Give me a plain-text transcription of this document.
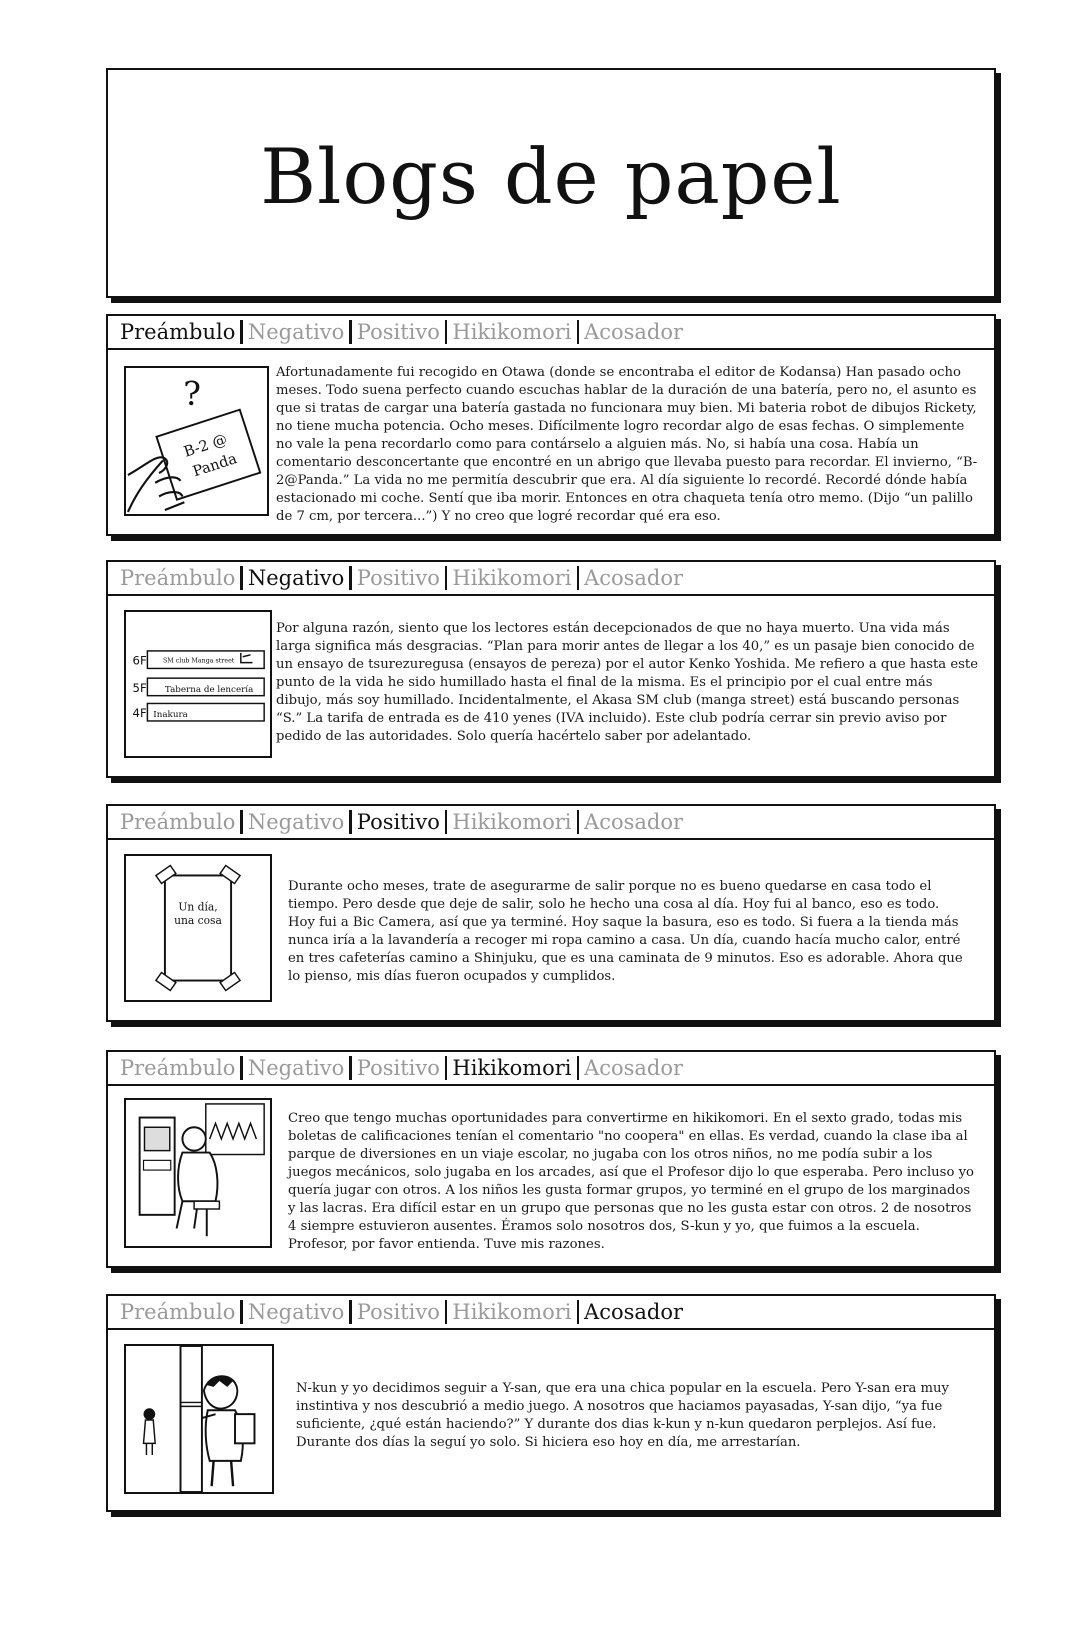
Blogs de papel
Preámbulo Negativo Positivo Hikikomori Acosador
?
B-2 @
Panda
Afortunadamente fui recogido en Otawa (donde se encontraba el editor de Kodansa) Han pasado ocho meses. Todo suena perfecto cuando escuchas hablar de la duración de una batería, pero no, el asunto es que si tratas de cargar una batería gastada no funcionara muy bien. Mi bateria robot de dibujos Rickety, no tiene mucha potencia. Ocho meses. Difícilmente logro recordar algo de esas fechas. O simplemente no vale la pena recordarlo como para contárselo a alguien más. No, si había una cosa. Había un comentario desconcertante que encontré en un abrigo que llevaba puesto para recordar. El invierno, “B-2@Panda.” La vida no me permitía descubrir que era. Al día siguiente lo recordé. Recordé dónde había estacionado mi coche. Sentí que iba morir. Entonces en otra chaqueta tenía otro memo. (Dijo “un palillo de 7 cm, por tercera...”) Y no creo que logré recordar qué era eso.
Preámbulo Negativo Positivo Hikikomori Acosador
6F	SM club Manga street
5F Taberna de lencería
4F Inakura
Por alguna razón, siento que los lectores están decepcionados de que no haya muerto. Una vida más larga significa más desgracias. “Plan para morir antes de llegar a los 40,” es un pasaje bien conocido de un ensayo de tsurezuregusa (ensayos de pereza) por el autor Kenko Yoshida. Me refiero a que hasta este punto de la vida he sido humillado hasta el final de la misma. Es el principio por el cual entre más dibujo, más soy humillado. Incidentalmente, el Akasa SM club (manga street) está buscando personas “S.” La tarifa de entrada es de 410 yenes (IVA incluido). Este club podría cerrar sin previo aviso por pedido de las autoridades. Solo quería hacértelo saber por adelantado.
Preámbulo Negativo Positivo Hikikomori Acosador
Un día,
una cosa
Durante ocho meses, trate de asegurarme de salir porque no es bueno quedarse en casa todo el tiempo. Pero desde que deje de salir, solo he hecho una cosa al día. Hoy fui al banco, eso es todo. Hoy fui a Bic Camera, así que ya terminé. Hoy saque la basura, eso es todo. Si fuera a la tienda más nunca iría a la lavandería a recoger mi ropa camino a casa. Un día, cuando hacía mucho calor, entré en tres cafeterías camino a Shinjuku, que es una caminata de 9 minutos. Eso es adorable. Ahora que lo pienso, mis días fueron ocupados y cumplidos.
Preámbulo Negativo Positivo Hikikomori Acosador
Creo que tengo muchas oportunidades para convertirme en hikikomori. En el sexto grado, todas mis boletas de calificaciones tenían el comentario "no coopera" en ellas. Es verdad, cuando la clase iba al parque de diversiones en un viaje escolar, no jugaba con los otros niños, no me podía subir a los juegos mecánicos, solo jugaba en los arcades, así que el Profesor dijo lo que esperaba. Pero incluso yo quería jugar con otros. A los niños les gusta formar grupos, yo terminé en el grupo de los marginados y las lacras. Era difícil estar en un grupo que personas que no les gusta estar con otros. 2 de nosotros 4 siempre estuvieron ausentes. Éramos solo nosotros dos, S-kun y yo, que fuimos a la escuela. Profesor, por favor entienda. Tuve mis razones.
Preámbulo Negativo Positivo Hikikomori Acosador
N-kun y yo decidimos seguir a Y-san, que era una chica popular en la escuela. Pero Y-san era muy instintiva y nos descubrió a medio juego. A nosotros que haciamos payasadas, Y-san dijo, “ya fue suficiente, ¿qué están haciendo?” Y durante dos dias k-kun y n-kun quedaron perplejos. Así fue. Durante dos días la seguí yo solo. Si hiciera eso hoy en día, me arrestarían.
